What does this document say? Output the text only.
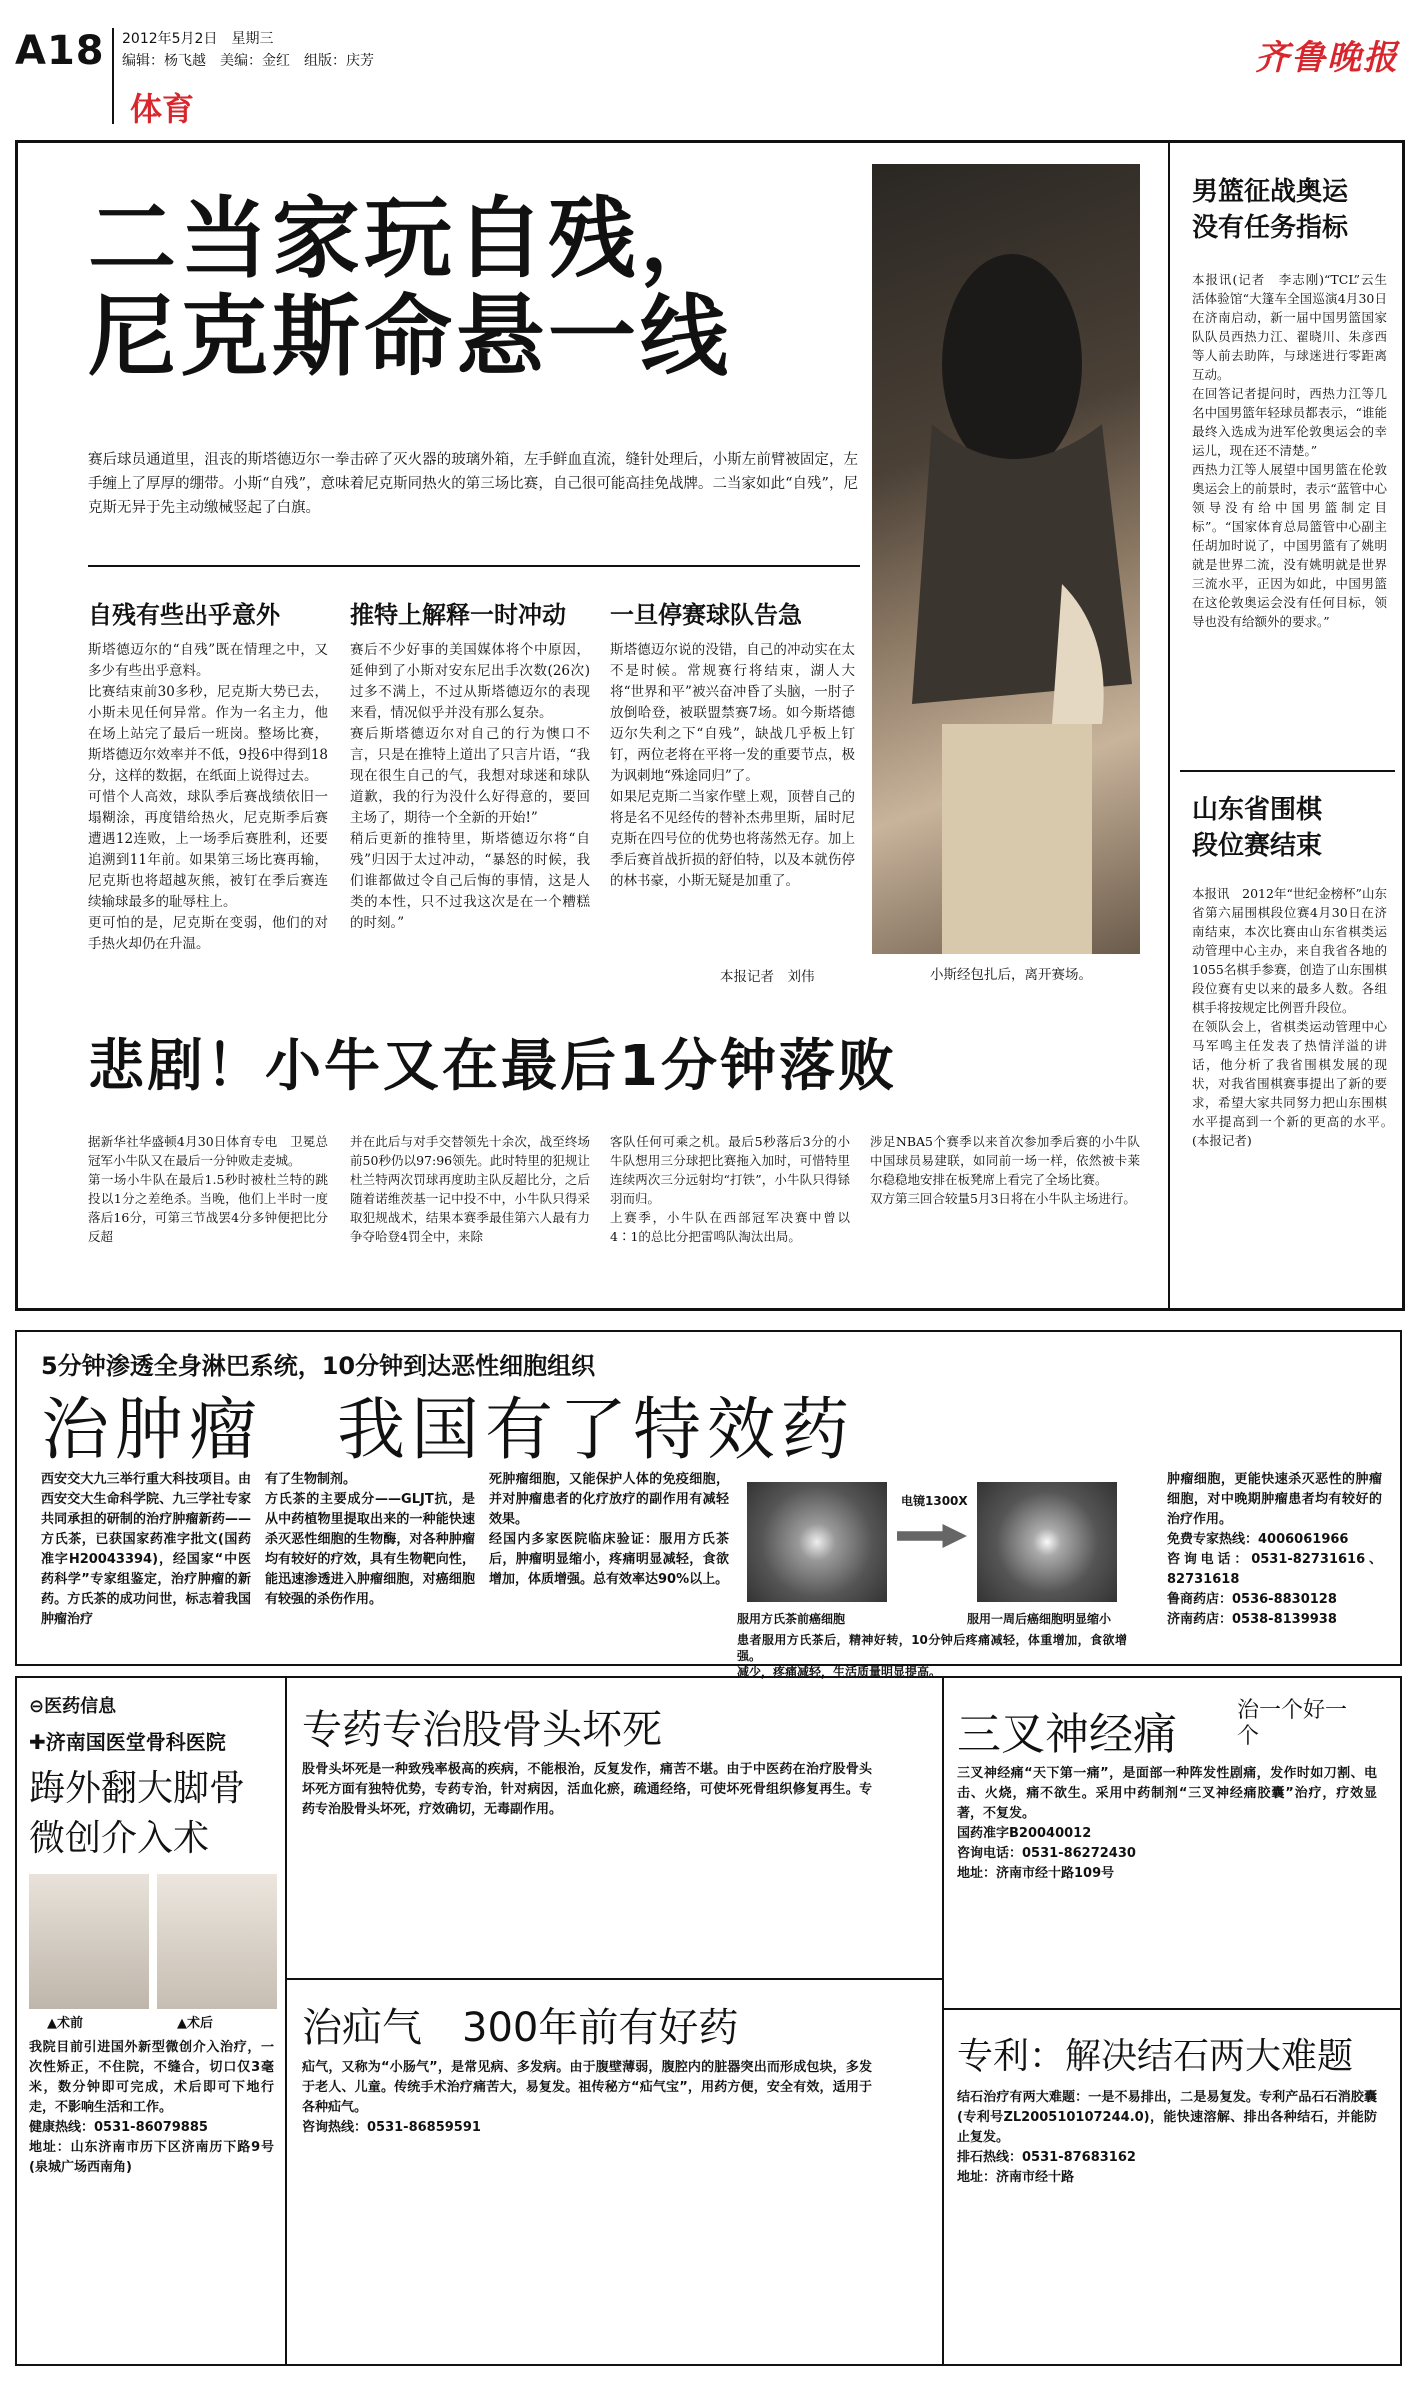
A18 2012年5月2日　星期三
编辑：杨飞越　美编：金红　组版：庆芳
体育
齐鲁晚报
二当家玩自残，
尼克斯命悬一线

赛后球员通道里，沮丧的斯塔德迈尔一拳击碎了灭火器的玻璃外箱，左手鲜血直流，缝针处理后，小斯左前臂被固定，左手缠上了厚厚的绷带。小斯“自残”，意味着尼克斯同热火的第三场比赛，自己很可能高挂免战牌。二当家如此“自残”，尼克斯无异于先主动缴械竖起了白旗。

小斯经包扎后，离开赛场。
自残有些出乎意外

斯塔德迈尔的“自残”既在情理之中，又多少有些出乎意料。
比赛结束前30多秒，尼克斯大势已去，小斯未见任何异常。作为一名主力，他在场上站完了最后一班岗。整场比赛，斯塔德迈尔效率并不低，9投6中得到18分，这样的数据，在纸面上说得过去。
可惜个人高效，球队季后赛战绩依旧一塌糊涂，再度错给热火，尼克斯季后赛遭遇12连败，上一场季后赛胜利，还要追溯到11年前。如果第三场比赛再输，尼克斯也将超越灰熊，被钉在季后赛连续输球最多的耻辱柱上。
更可怕的是，尼克斯在变弱，他们的对手热火却仍在升温。

推特上解释一时冲动

赛后不少好事的美国媒体将个中原因，延伸到了小斯对安东尼出手次数(26次)过多不满上，不过从斯塔德迈尔的表现来看，情况似乎并没有那么复杂。
赛后斯塔德迈尔对自己的行为懊口不言，只是在推特上道出了只言片语，“我现在很生自己的气，我想对球迷和球队道歉，我的行为没什么好得意的，要回主场了，期待一个全新的开始!”
稍后更新的推特里，斯塔德迈尔将“自残”归因于太过冲动，“暴怒的时候，我们谁都做过令自己后悔的事情，这是人类的本性，只不过我这次是在一个糟糕的时刻。”

一旦停赛球队告急

斯塔德迈尔说的没错，自己的冲动实在太不是时候。常规赛行将结束，湖人大将“世界和平”被兴奋冲昏了头脑，一肘子放倒哈登，被联盟禁赛7场。如今斯塔德迈尔失利之下“自残”，缺战几乎板上钉钉，两位老将在平将一发的重要节点，极为讽刺地“殊途同归”了。
如果尼克斯二当家作壁上观，顶替自己的将是名不见经传的替补杰弗里斯，届时尼克斯在四号位的优势也将荡然无存。加上季后赛首战折损的舒伯特，以及本就伤停的林书豪，小斯无疑是加重了。

本报记者　刘伟
悲剧！小牛又在最后1分钟落败

据新华社华盛顿4月30日体育专电　卫冕总冠军小牛队又在最后一分钟败走麦城。
第一场小牛队在最后1.5秒时被杜兰特的跳投以1分之差绝杀。当晚，他们上半时一度落后16分，可第三节战罢4分多钟便把比分反超

并在此后与对手交替领先十余次，战至终场前50秒仍以97:96领先。此时特里的犯规让杜兰特两次罚球再度助主队反超比分，之后随着诺维茨基一记中投不中，小牛队只得采取犯规战术，结果本赛季最佳第六人最有力争夺哈登4罚全中，来除

客队任何可乘之机。最后5秒落后3分的小牛队想用三分球把比赛拖入加时，可惜特里连续两次三分远射均“打铁”，小牛队只得铩羽而归。
上赛季，小牛队在西部冠军决赛中曾以4∶1的总比分把雷鸣队淘汰出局。

涉足NBA5个赛季以来首次参加季后赛的小牛队中国球员易建联，如同前一场一样，依然被卡莱尔稳稳地安排在板凳席上看完了全场比赛。
双方第三回合较量5月3日将在小牛队主场进行。

男篮征战奥运
没有任务指标

本报讯(记者　李志刚)“TCL”云生活体验馆“大篷车全国巡演4月30日在济南启动，新一届中国男篮国家队队员西热力江、翟晓川、朱彦西等人前去助阵，与球迷进行零距离互动。
在回答记者提问时，西热力江等几名中国男篮年轻球员都表示，“谁能最终入选成为进军伦敦奥运会的幸运儿，现在还不清楚。”
西热力江等人展望中国男篮在伦敦奥运会上的前景时，表示“蓝管中心领导没有给中国男篮制定目标”。“国家体育总局篮管中心副主任胡加时说了，中国男篮有了姚明就是世界二流，没有姚明就是世界三流水平，正因为如此，中国男篮在这伦敦奥运会没有任何目标，领导也没有给额外的要求。”

山东省围棋
段位赛结束

本报讯　2012年“世纪金榜杯”山东省第六届围棋段位赛4月30日在济南结束，本次比赛由山东省棋类运动管理中心主办，来自我省各地的1055名棋手参赛，创造了山东围棋段位赛有史以来的最多人数。各组棋手将按规定比例晋升段位。
在领队会上，省棋类运动管理中心马军鸣主任发表了热情洋溢的讲话，他分析了我省围棋发展的现状，对我省围棋赛事提出了新的要求，希望大家共同努力把山东围棋水平提高到一个新的更高的水平。　(本报记者)

5分钟渗透全身淋巴系统，10分钟到达恶性细胞组织
治肿瘤　我国有了特效药

西安交大九三举行重大科技项目。由西安交大生命科学院、九三学社专家共同承担的研制的治疗肿瘤新药——方氏茶，已获国家药准字批文(国药准字H20043394)，经国家“中医药科学”专家组鉴定，治疗肿瘤的新药。方氏茶的成功问世，标志着我国肿瘤治疗

有了生物制剂。
方氏茶的主要成分——GLJT抗，是从中药植物里提取出来的一种能快速杀灭恶性细胞的生物酶，对各种肿瘤均有较好的疗效，具有生物靶向性，能迅速渗透进入肿瘤细胞，对癌细胞有较强的杀伤作用。

死肿瘤细胞，又能保护人体的免疫细胞，并对肿瘤患者的化疗放疗的副作用有减轻效果。
经国内多家医院临床验证：服用方氏茶后，肿瘤明显缩小，疼痛明显减轻，食欲增加，体质增强。总有效率达90%以上。

电镜1300X
服用方氏茶前癌细胞	服用一周后癌细胞明显缩小

患者服用方氏茶后，精神好转，10分钟后疼痛减轻，体重增加，食欲增强。
减少，疼痛减轻，生活质量明显提高。

肿瘤细胞，更能快速杀灭恶性的肿瘤细胞，对中晚期肿瘤患者均有较好的治疗作用。
免费专家热线：4006061966
咨询电话：0531-82731616、82731618
鲁商药店：0536-8830128
济南药店：0538-8139938

⊖医药信息
✚济南国医堂骨科医院
踇外翻大脚骨
微创介入术
▲术前	▲术后

我院目前引进国外新型微创介入治疗，一次性矫正，不住院，不缝合，切口仅3毫米，数分钟即可完成，术后即可下地行走，不影响生活和工作。
健康热线：0531-86079885
地址：山东济南市历下区济南历下路9号(泉城广场西南角)

专药专治股骨头坏死

股骨头坏死是一种致残率极高的疾病，不能根治，反复发作，痛苦不堪。由于中医药在治疗股骨头坏死方面有独特优势，专药专治，针对病因，活血化瘀，疏通经络，可使坏死骨组织修复再生。专药专治股骨头坏死，疗效确切，无毒副作用。

治疝气　300年前有好药

疝气，又称为“小肠气”，是常见病、多发病。由于腹壁薄弱，腹腔内的脏器突出而形成包块，多发于老人、儿童。传统手术治疗痛苦大，易复发。祖传秘方“疝气宝”，用药方便，安全有效，适用于各种疝气。
咨询热线：0531-86859591

三叉神经痛	治一个好一个

三叉神经痛“天下第一痛”，是面部一种阵发性剧痛，发作时如刀割、电击、火烧，痛不欲生。采用中药制剂“三叉神经痛胶囊”治疗，疗效显著，不复发。
国药准字B20040012
咨询电话：0531-86272430
地址：济南市经十路109号

专利：解决结石两大难题

结石治疗有两大难题：一是不易排出，二是易复发。专利产品石石消胶囊(专利号ZL200510107244.0)，能快速溶解、排出各种结石，并能防止复发。
排石热线：0531-87683162
地址：济南市经十路
